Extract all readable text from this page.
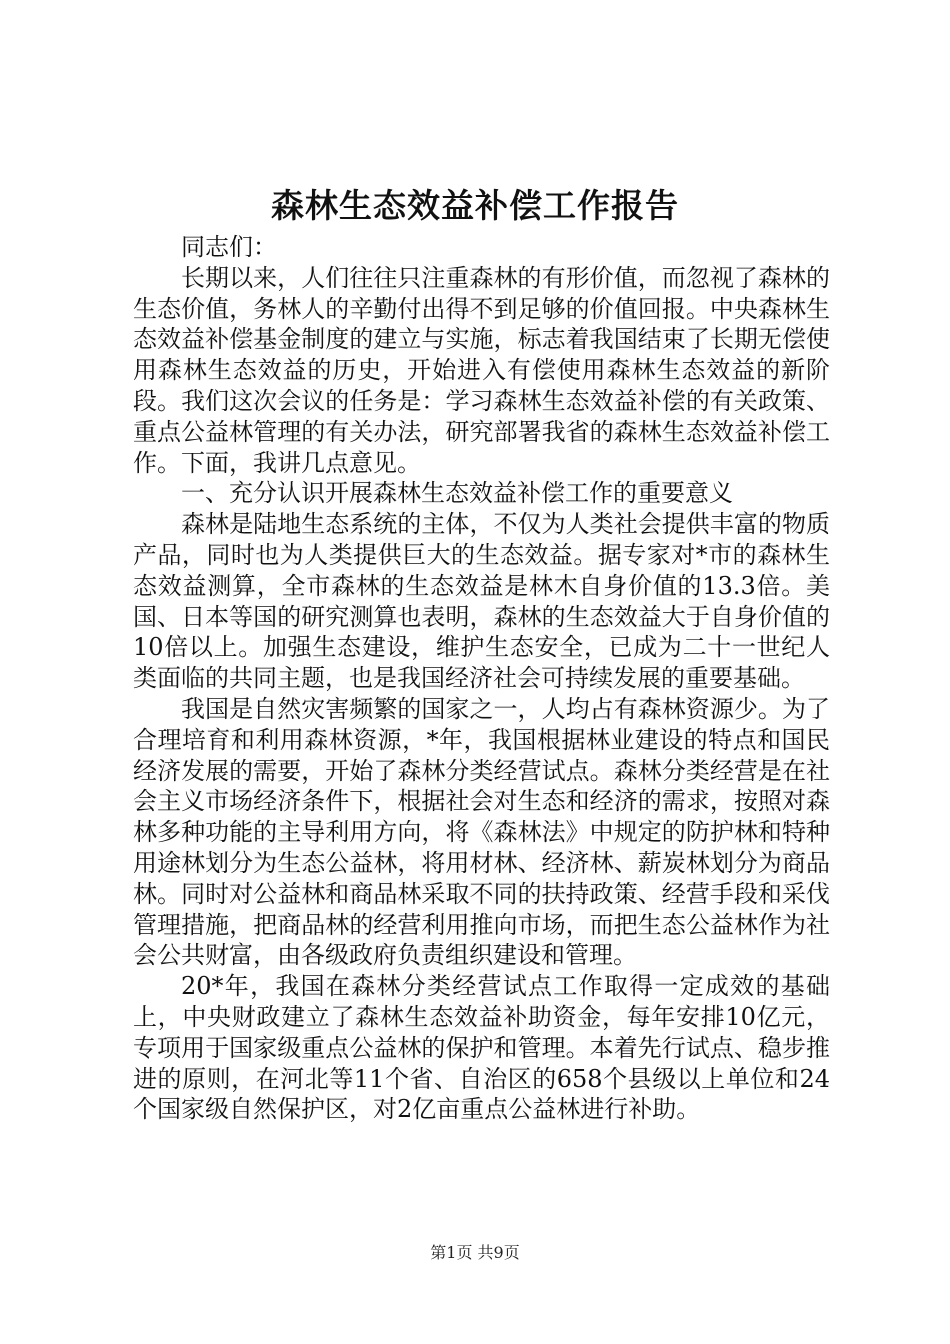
森林生态效益补偿工作报告

同志们：

长期以来，人们往往只注重森林的有形价值，而忽视了森林的生态价值，务林人的辛勤付出得不到足够的价值回报。中央森林生态效益补偿基金制度的建立与实施，标志着我国结束了长期无偿使用森林生态效益的历史，开始进入有偿使用森林生态效益的新阶段。我们这次会议的任务是：学习森林生态效益补偿的有关政策、重点公益林管理的有关办法，研究部署我省的森林生态效益补偿工作。下面，我讲几点意见。

一、充分认识开展森林生态效益补偿工作的重要意义

森林是陆地生态系统的主体，不仅为人类社会提供丰富的物质产品，同时也为人类提供巨大的生态效益。据专家对*市的森林生态效益测算，全市森林的生态效益是林木自身价值的13.3倍。美国、日本等国的研究测算也表明，森林的生态效益大于自身价值的10倍以上。加强生态建设，维护生态安全，已成为二十一世纪人类面临的共同主题，也是我国经济社会可持续发展的重要基础。

我国是自然灾害频繁的国家之一，人均占有森林资源少。为了合理培育和利用森林资源，*年，我国根据林业建设的特点和国民经济发展的需要，开始了森林分类经营试点。森林分类经营是在社会主义市场经济条件下，根据社会对生态和经济的需求，按照对森林多种功能的主导利用方向，将《森林法》中规定的防护林和特种用途林划分为生态公益林，将用材林、经济林、薪炭林划分为商品林。同时对公益林和商品林采取不同的扶持政策、经营手段和采伐管理措施，把商品林的经营利用推向市场，而把生态公益林作为社会公共财富，由各级政府负责组织建设和管理。

20*年，我国在森林分类经营试点工作取得一定成效的基础上，中央财政建立了森林生态效益补助资金，每年安排10亿元，专项用于国家级重点公益林的保护和管理。本着先行试点、稳步推进的原则，在河北等11个省、自治区的658个县级以上单位和24个国家级自然保护区，对2亿亩重点公益林进行补助。

第1页 共9页
